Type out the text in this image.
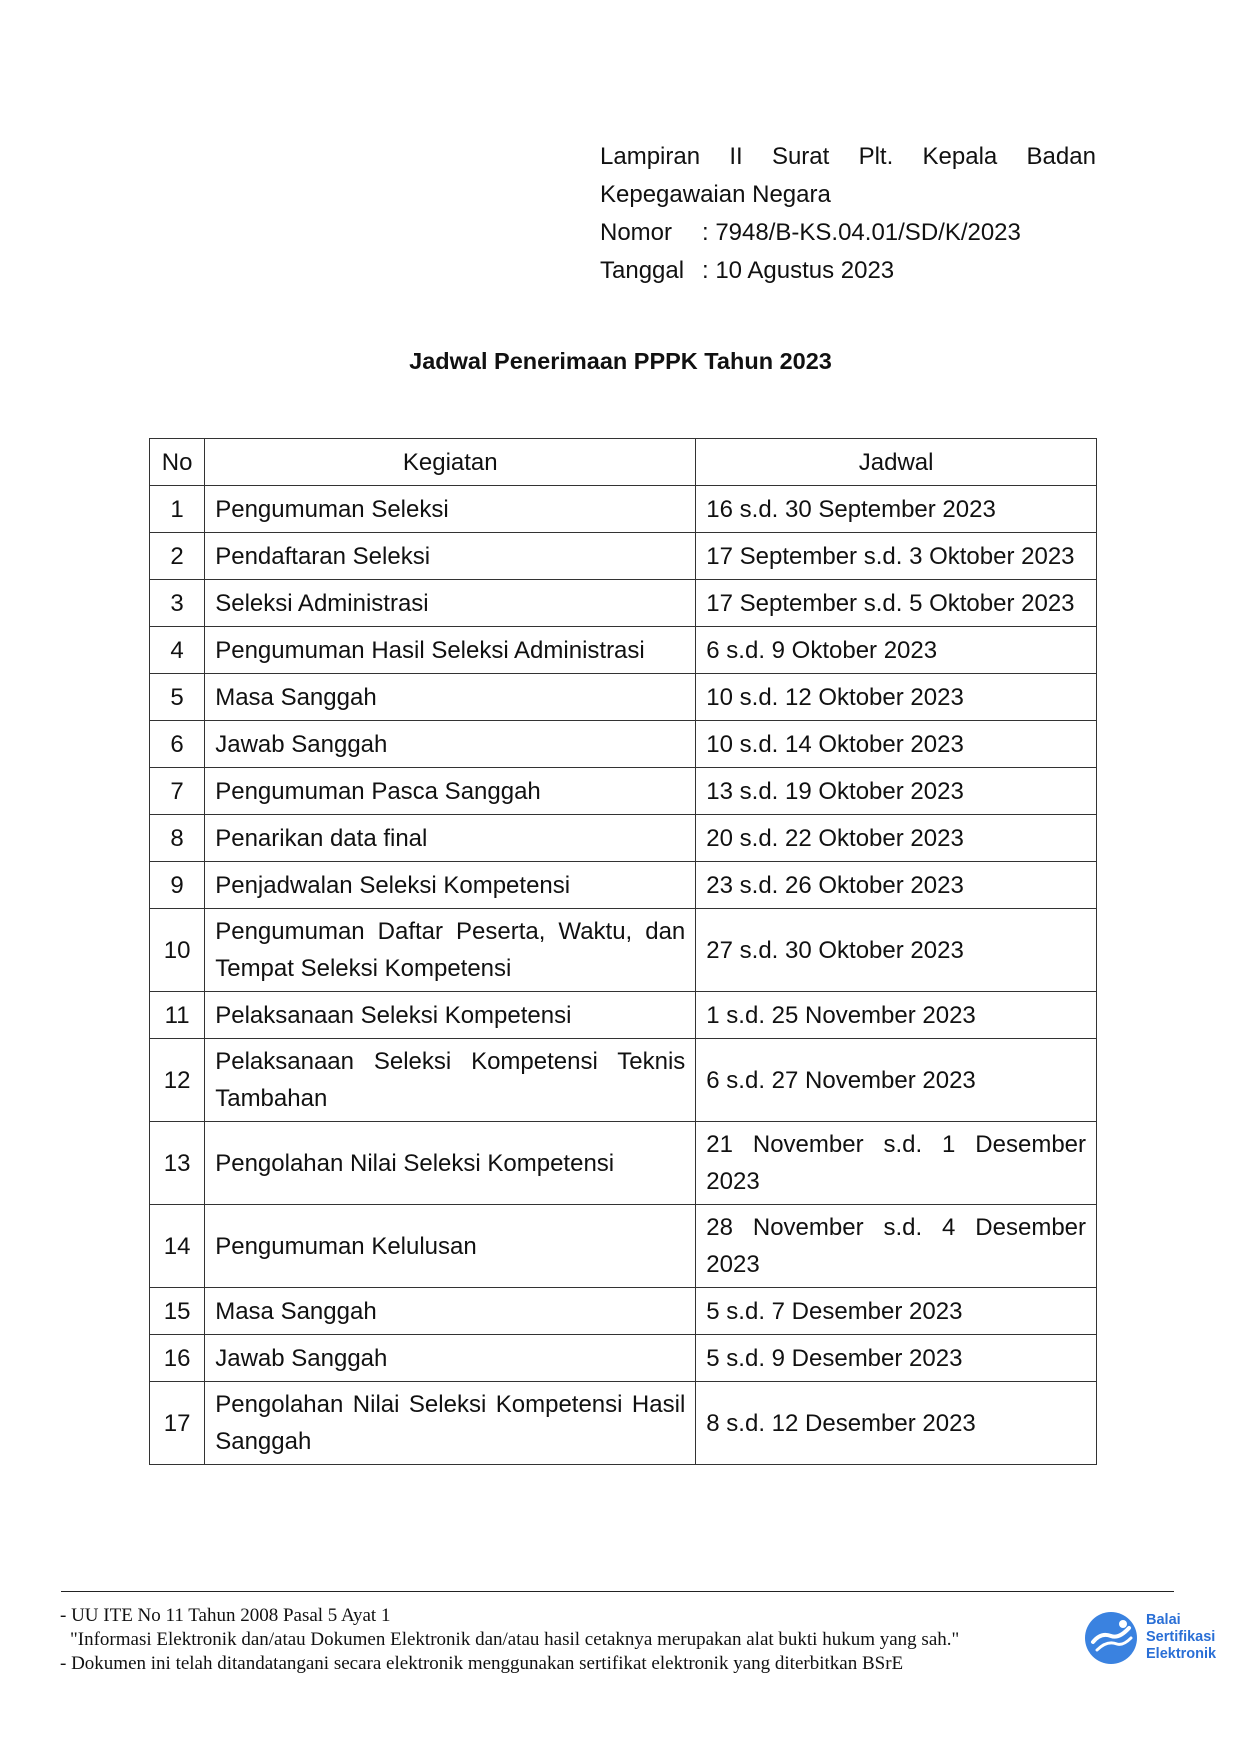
Lampiran II Surat Plt. Kepala Badan
Kepegawaian Negara
Nomor	: 7948/B-KS.04.01/SD/K/2023
Tanggal : 10 Agustus 2023
Jadwal Penerimaan PPPK Tahun 2023
No	Kegiatan	Jadwal
1	Pengumuman Seleksi	16 s.d. 30 September 2023
2	Pendaftaran Seleksi	17 September s.d. 3 Oktober 2023
3	Seleksi Administrasi	17 September s.d. 5 Oktober 2023
4	Pengumuman Hasil Seleksi Administrasi	6 s.d. 9 Oktober 2023
5	Masa Sanggah	10 s.d. 12 Oktober 2023
6	Jawab Sanggah	10 s.d. 14 Oktober 2023
7	Pengumuman Pasca Sanggah	13 s.d. 19 Oktober 2023
8	Penarikan data final	20 s.d. 22 Oktober 2023
9	Penjadwalan Seleksi Kompetensi	23 s.d. 26 Oktober 2023
10	Pengumuman Daftar Peserta, Waktu, dan Tempat Seleksi Kompetensi	27 s.d. 30 Oktober 2023
11	Pelaksanaan Seleksi Kompetensi	1 s.d. 25 November 2023
12	Pelaksanaan Seleksi Kompetensi Teknis Tambahan	6 s.d. 27 November 2023
13	Pengolahan Nilai Seleksi Kompetensi	21 November s.d. 1 Desember 2023
14	Pengumuman Kelulusan	28 November s.d. 4 Desember 2023
15	Masa Sanggah	5 s.d. 7 Desember 2023
16	Jawab Sanggah	5 s.d. 9 Desember 2023
17	Pengolahan Nilai Seleksi Kompetensi Hasil Sanggah	8 s.d. 12 Desember 2023
- UU ITE No 11 Tahun 2008 Pasal 5 Ayat 1
"Informasi Elektronik dan/atau Dokumen Elektronik dan/atau hasil cetaknya merupakan alat bukti hukum yang sah."
- Dokumen ini telah ditandatangani secara elektronik menggunakan sertifikat elektronik yang diterbitkan BSrE
Balai
Sertifikasi
Elektronik
